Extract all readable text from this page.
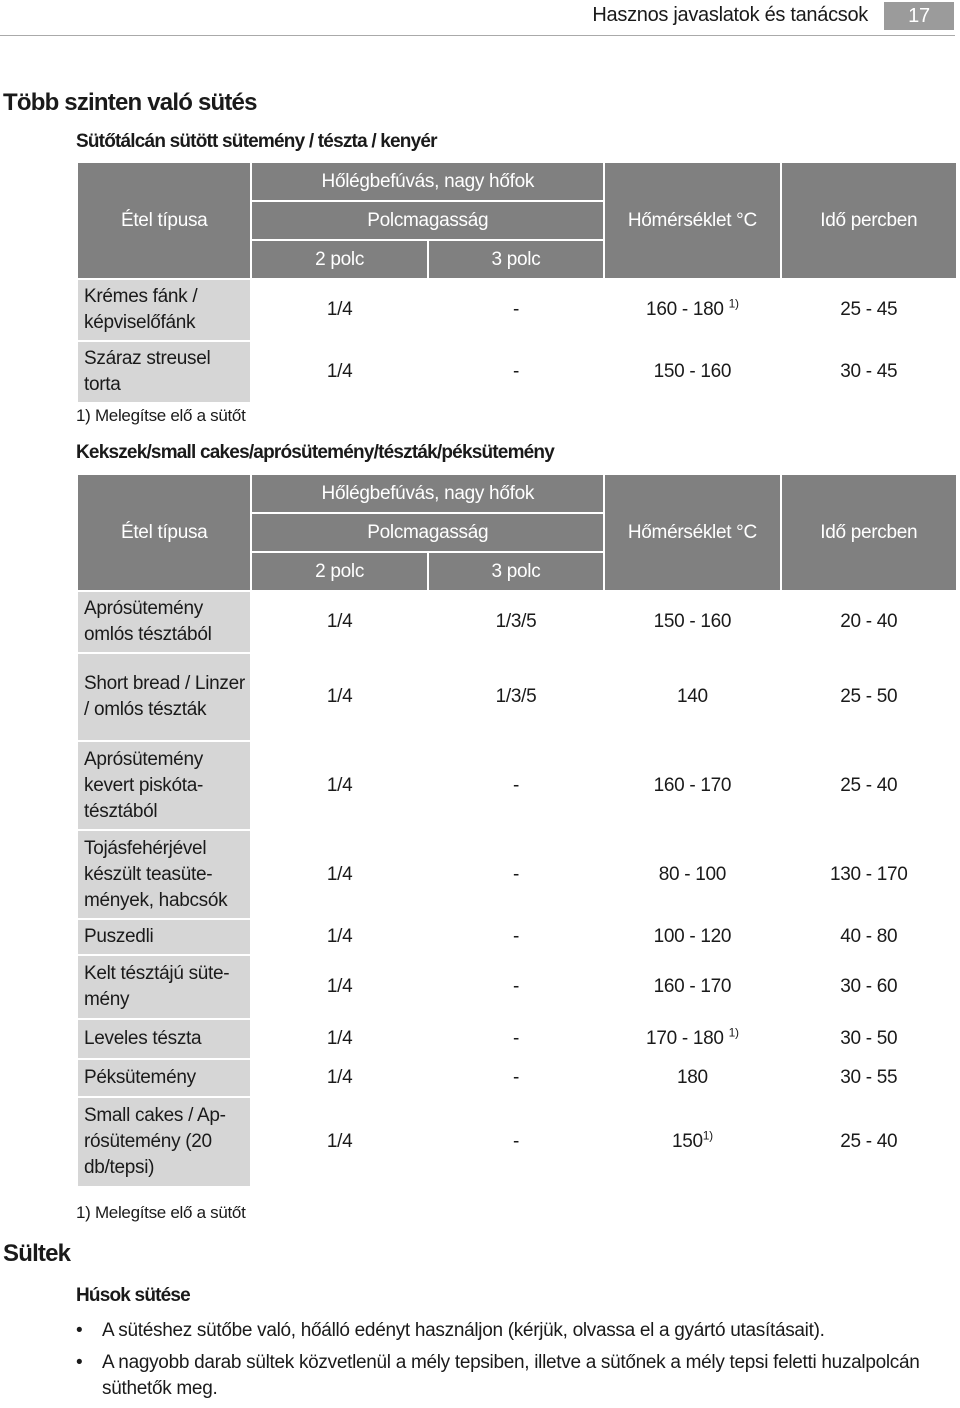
Hasznos javaslatok és tanácsok	17
Több szinten való sütés
Sütőtálcán sütött sütemény / tészta / kenyér
Étel típusa	Hőlégbefúvás, nagy hőfok		Hőmérséklet °C	Idő percben
	Polcmagasság			
	2 polc	3 polc		

Krémes fánk / képviselőfánk	1/4	-	160 - 180 $^{1)}$	25 - 45

Száraz streusel torta	1/4	-	150 - 160	30 - 45
1) Melegítse elő a sütőt
Kekszek/small cakes/aprósütemény/tészták/péksütemény
Étel típusa	Hőlégbefúvás, nagy hőfok		Hőmérséklet °C	Idő percben
	Polcmagasság			
	2 polc	3 polc		

Aprósütemény omlós tésztából	1/4	1/3/5	150 - 160	20 - 40

Short bread / Linzer / omlós tészták	1/4	1/3/5	140	25 - 50

Aprósütemény kevert piskótatésztából	1/4	-	160 - 170	25 - 40

Tojásfehérjével készült teasütemények, habcsók	1/4	-	80 - 100	130 - 170

Puszedli	1/4	-	100 - 120	40 - 80

Kelt tésztájú sütemény	1/4	-	160 - 170	30 - 60

Leveles tészta	1/4	-	170 - 180 $^{1)}$	30 - 50

Péksütemény	1/4	-	180	30 - 55

Small cakes / Aprósütemény (20 db/tepsi)	1/4	-	150$^{1)}$	25 - 40
1) Melegítse elő a sütőt
Sültek
Húsok sütése
• A sütéshez sütőbe való, hőálló edényt használjon (kérjük, olvassa el a gyártó utasításait).
• A nagyobb darab sültek közvetlenül a mély tepsiben, illetve a sütőnek a mély tepsi feletti huzalpolcán süthetők meg.
